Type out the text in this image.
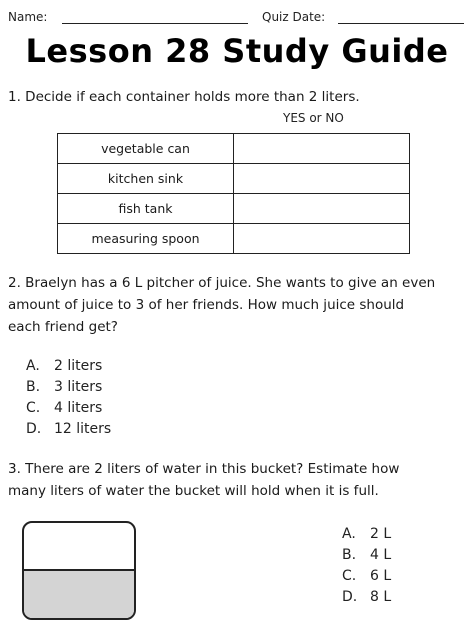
Name:	Quiz Date:
Lesson 28 Study Guide
1. Decide if each container holds more than 2 liters.
YES or NO
vegetable can	
kitchen sink	
fish tank	
measuring spoon	
2. Braelyn has a 6 L pitcher of juice. She wants to give an even
amount of juice to 3 of her friends. How much juice should
each friend get?
A. 2 liters
B. 3 liters
C. 4 liters
D. 12 liters
3. There are 2 liters of water in this bucket? Estimate how
many liters of water the bucket will hold when it is full.
A. 2 L
B. 4 L
C. 6 L
D. 8 L
